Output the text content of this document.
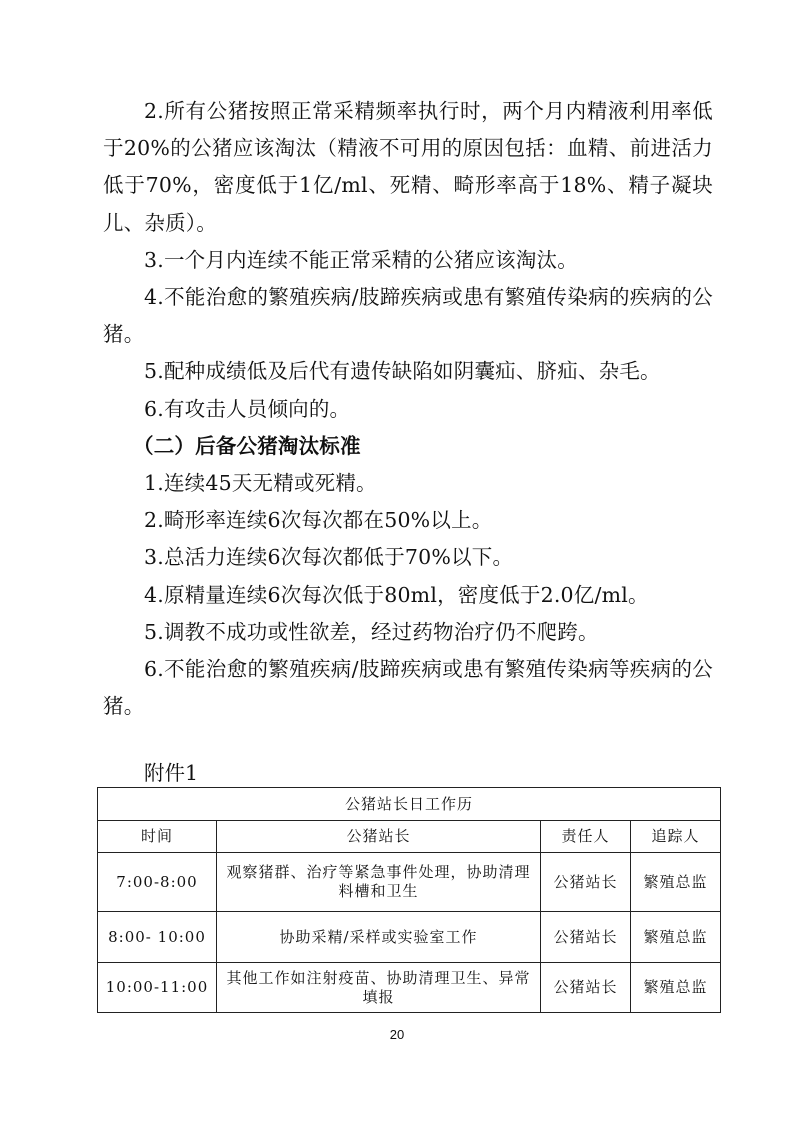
2.所有公猪按照正常采精频率执行时，两个月内精液利用率低于20%的公猪应该淘汰（精液不可用的原因包括：血精、前进活力低于70%，密度低于1亿/ml、死精、畸形率高于18%、精子凝块儿、杂质）。

3.一个月内连续不能正常采精的公猪应该淘汰。

4.不能治愈的繁殖疾病/肢蹄疾病或患有繁殖传染病的疾病的公猪。

5.配种成绩低及后代有遗传缺陷如阴囊疝、脐疝、杂毛。

6.有攻击人员倾向的。

（二）后备公猪淘汰标准

1.连续45天无精或死精。

2.畸形率连续6次每次都在50%以上。

3.总活力连续6次每次都低于70%以下。

4.原精量连续6次每次低于80ml，密度低于2.0亿/ml。

5.调教不成功或性欲差，经过药物治疗仍不爬跨。

6.不能治愈的繁殖疾病/肢蹄疾病或患有繁殖传染病等疾病的公猪。

附件1
公猪站长日工作历			
时间	公猪站长	责任人	追踪人
7:00-8:00	观察猪群、治疗等紧急事件处理，协助清理料槽和卫生	公猪站长	繁殖总监
8:00- 10:00	协助采精/采样或实验室工作	公猪站长	繁殖总监
10:00-11:00	其他工作如注射疫苗、协助清理卫生、异常填报	公猪站长	繁殖总监
20
